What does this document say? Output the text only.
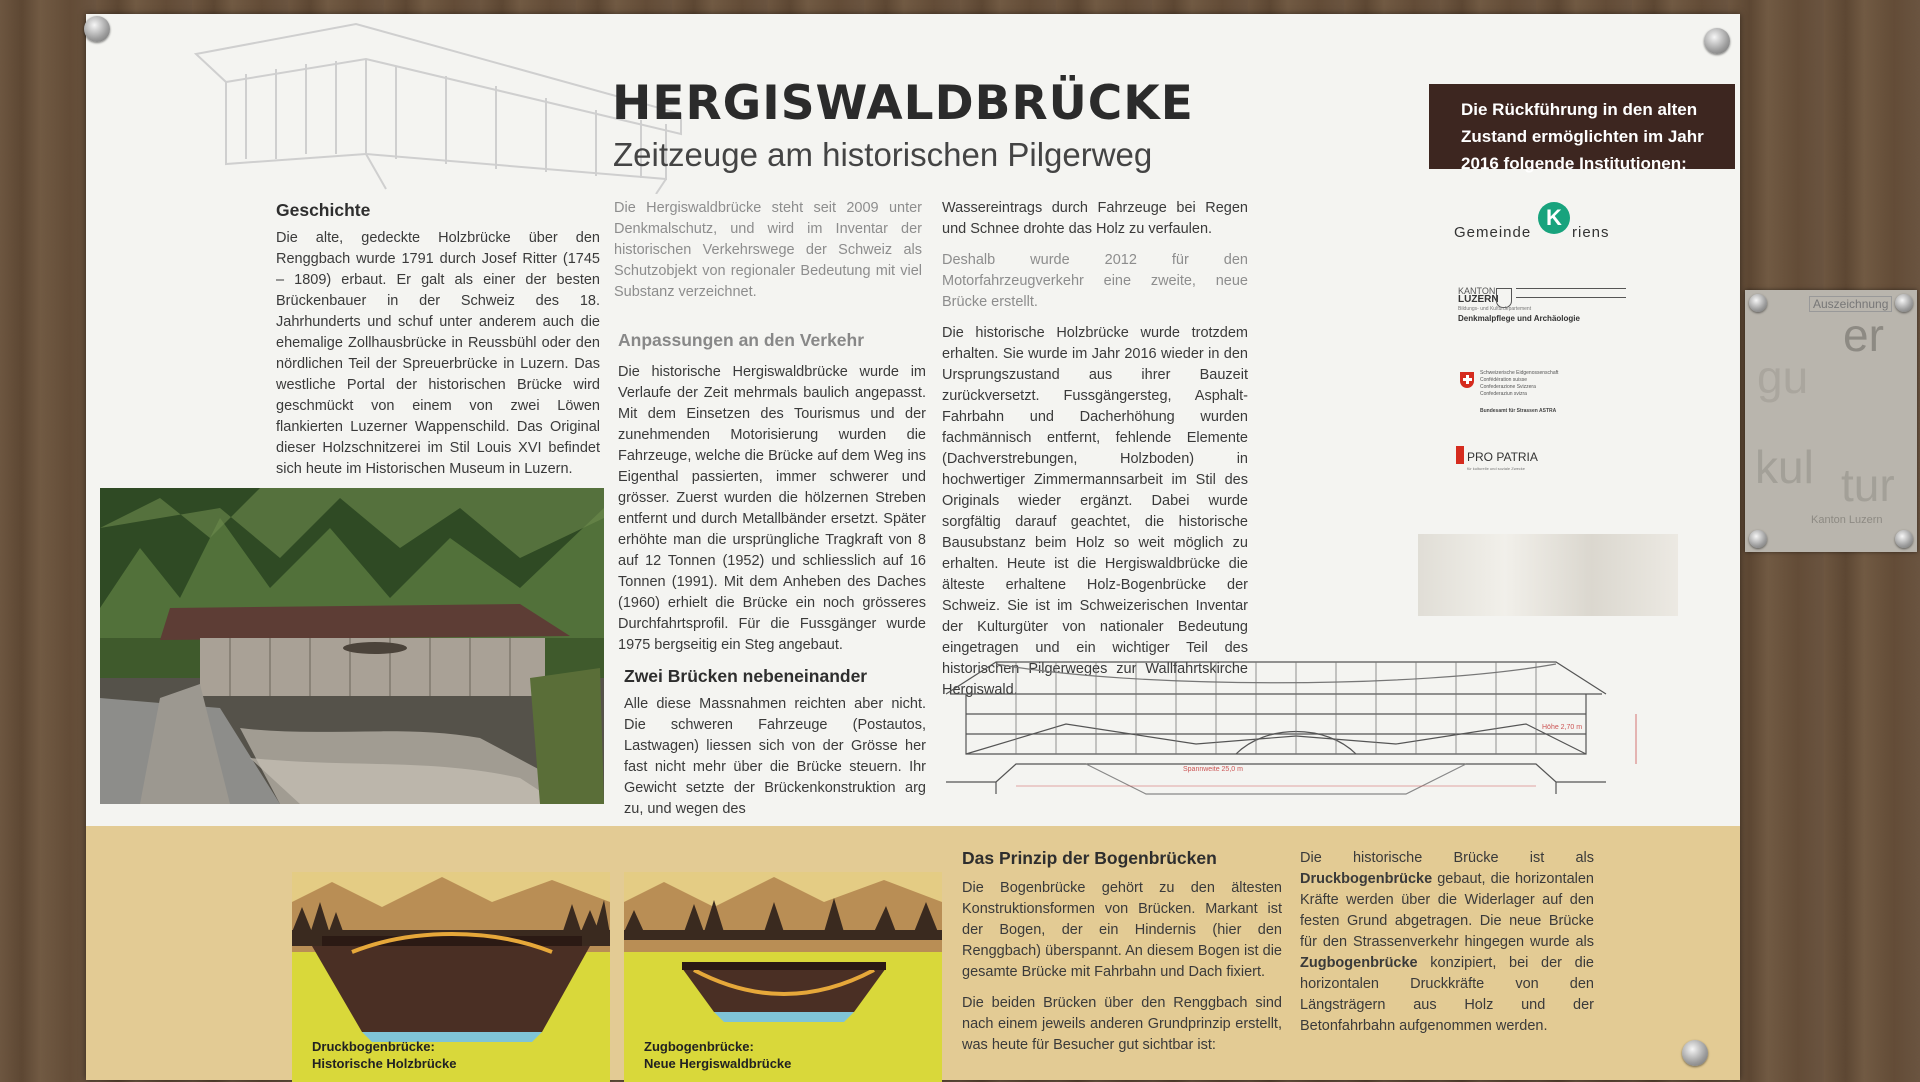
HERGISWALDBRÜCKE
Zeitzeuge am historischen Pilgerweg
Geschichte
Die alte, gedeckte Holzbrücke über den Renggbach wurde 1791 durch Josef Ritter (1745 – 1809) erbaut. Er galt als einer der besten Brückenbauer in der Schweiz des 18. Jahrhunderts und schuf unter anderem auch die ehemalige Zollhausbrücke in Reussbühl oder den nördlichen Teil der Spreuerbrücke in Luzern. Das westliche Portal der historischen Brücke wird geschmückt von einem von zwei Löwen flankierten Luzerner Wappenschild. Das Original dieser Holzschnitzerei im Stil Louis XVI befindet sich heute im Historischen Museum in Luzern.

Die Hergiswaldbrücke steht seit 2009 unter Denkmalschutz, und wird im Inventar der historischen Verkehrswege der Schweiz als Schutzobjekt von regionaler Bedeutung mit viel Substanz verzeichnet.

Anpassungen an den Verkehr
Die historische Hergiswaldbrücke wurde im Verlaufe der Zeit mehrmals baulich angepasst. Mit dem Einsetzen des Tourismus und der zunehmenden Motorisierung wurden die Fahrzeuge, welche die Brücke auf dem Weg ins Eigenthal passierten, immer schwerer und grösser. Zuerst wurden die hölzernen Streben entfernt und durch Metallbänder ersetzt. Später erhöhte man die ursprüngliche Tragkraft von 8 auf 12 Tonnen (1952) und schliesslich auf 16 Tonnen (1991). Mit dem Anheben des Daches (1960) erhielt die Brücke ein noch grösseres Durchfahrtsprofil. Für die Fussgänger wurde 1975 bergseitig ein Steg angebaut.
Zwei Brücken nebeneinander
Alle diese Massnahmen reichten aber nicht. Die schweren Fahrzeuge (Postautos, Lastwagen) liessen sich von der Grösse her fast nicht mehr über die Brücke steuern. Ihr Gewicht setzte der Brückenkonstruktion arg zu, und wegen des

Wassereintrags durch Fahrzeuge bei Regen und Schnee drohte das Holz zu verfaulen.

Deshalb wurde 2012 für den Motorfahrzeugverkehr eine zweite, neue Brücke erstellt.

Die historische Holzbrücke wurde trotzdem erhalten. Sie wurde im Jahr 2016 wieder in den Ursprungszustand aus ihrer Bauzeit zurückversetzt. Fussgängersteg, Asphalt-Fahrbahn und Dacherhöhung wurden fachmännisch entfernt, fehlende Elemente (Dachverstrebungen, Holzboden) in hochwertiger Zimmermannsarbeit im Stil des Originals wieder ergänzt. Dabei wurde sorgfältig darauf geachtet, die historische Bausubstanz beim Holz so weit möglich zu erhalten. Heute ist die Hergiswaldbrücke die älteste erhaltene Holz-Bogenbrücke der Schweiz. Sie ist im Schweizerischen Inventar der Kulturgüter von nationaler Bedeutung eingetragen und ein wichtiger Teil des historischen Pilgerweges zur Wallfahrtskirche Hergiswald.

Die Rückführung in den alten Zustand ermöglichten im Jahr 2016 folgende Institutionen:
Gemeinde
K
riens
KANTON
LUZERN
Bildungs- und Kulturdepartement
Denkmalpflege und Archäologie
Schweizerische Eidgenossenschaft
Confédération suisse
Confederazione Svizzera
Confederaziun svizra
Bundesamt für Strassen ASTRA
PRO PATRIA
für kulturelle und soziale Zwecke
Höhe 2,70 m
Spannweite 25,0 m
Das Prinzip der Bogenbrücken

Die Bogenbrücke gehört zu den ältesten Konstruktionsformen von Brücken. Markant ist der Bogen, der ein Hindernis (hier den Renggbach) überspannt. An diesem Bogen ist die gesamte Brücke mit Fahrbahn und Dach fixiert.

Die beiden Brücken über den Renggbach sind nach einem jeweils anderen Grundprinzip erstellt, was heute für Besucher gut sichtbar ist:

Die historische Brücke ist als Druckbogenbrücke gebaut, die horizontalen Kräfte werden über die Widerlager auf den festen Grund abgetragen. Die neue Brücke für den Strassenverkehr hingegen wurde als Zugbogenbrücke konzipiert, bei der die horizontalen Druckkräfte von den Längsträgern aus Holz und der Betonfahrbahn aufgenommen werden.
Druckbogenbrücke:
Historische Holzbrücke
Zugbogenbrücke:
Neue Hergiswaldbrücke
Auszeichnung
er
gu
kul tur
Kanton Luzern
